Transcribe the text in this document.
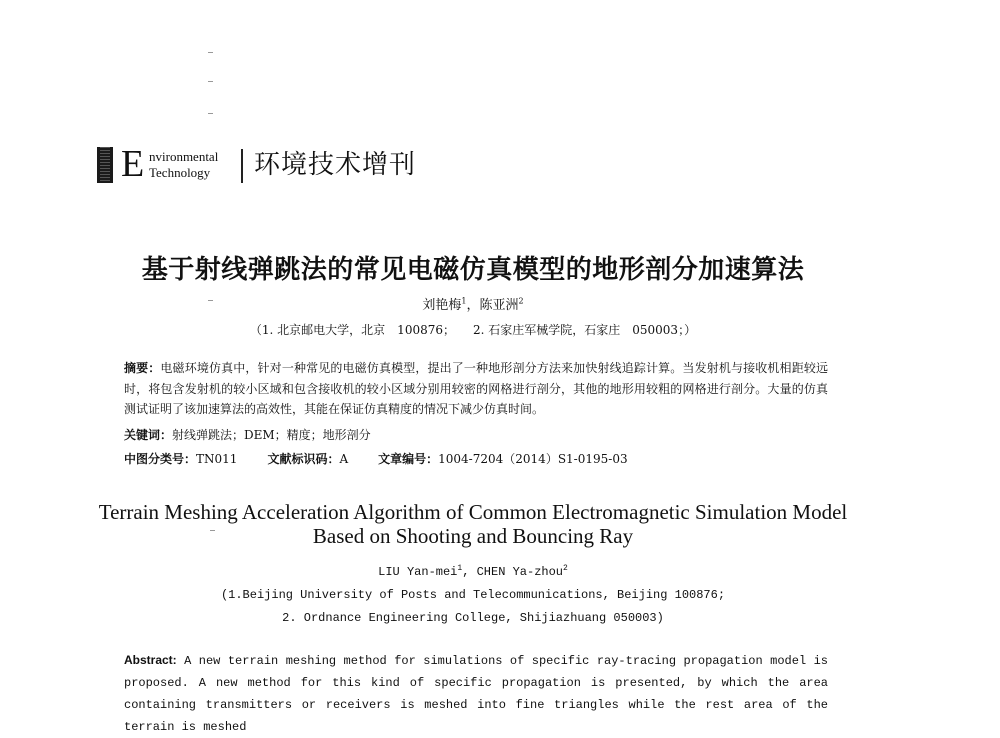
E nvironmental
Technology 环境技术增刊
基于射线弹跳法的常见电磁仿真模型的地形剖分加速算法
刘艳梅$^1$，陈亚洲$^2$
（1. 北京邮电大学，北京　100876；　　2. 石家庄军械学院，石家庄　050003；）
摘要：电磁环境仿真中，针对一种常见的电磁仿真模型，提出了一种地形剖分方法来加快射线追踪计算。当发射机与接收机相距较远时，将包含发射机的较小区域和包含接收机的较小区域分别用较密的网格进行剖分，其他的地形用较粗的网格进行剖分。大量的仿真测试证明了该加速算法的高效性，其能在保证仿真精度的情况下减少仿真时间。
关键词：射线弹跳法；DEM；精度；地形剖分
中图分类号：TN011	文献标识码：A	文章编号：1004-7204（2014）S1-0195-03
Terrain Meshing Acceleration Algorithm of Common Electromagnetic Simulation Model
Based on Shooting and Bouncing Ray
LIU Yan-mei$^1$, CHEN Ya-zhou$^2$
(1.Beijing University of Posts and Telecommunications, Beijing 100876;
2. Ordnance Engineering College, Shijiazhuang 050003)
Abstract: A new terrain meshing method for simulations of specific ray-tracing propagation model is proposed. A new method for this kind of specific propagation is presented, by which the area containing transmitters or receivers is meshed into fine triangles while the rest area of the terrain is meshed
